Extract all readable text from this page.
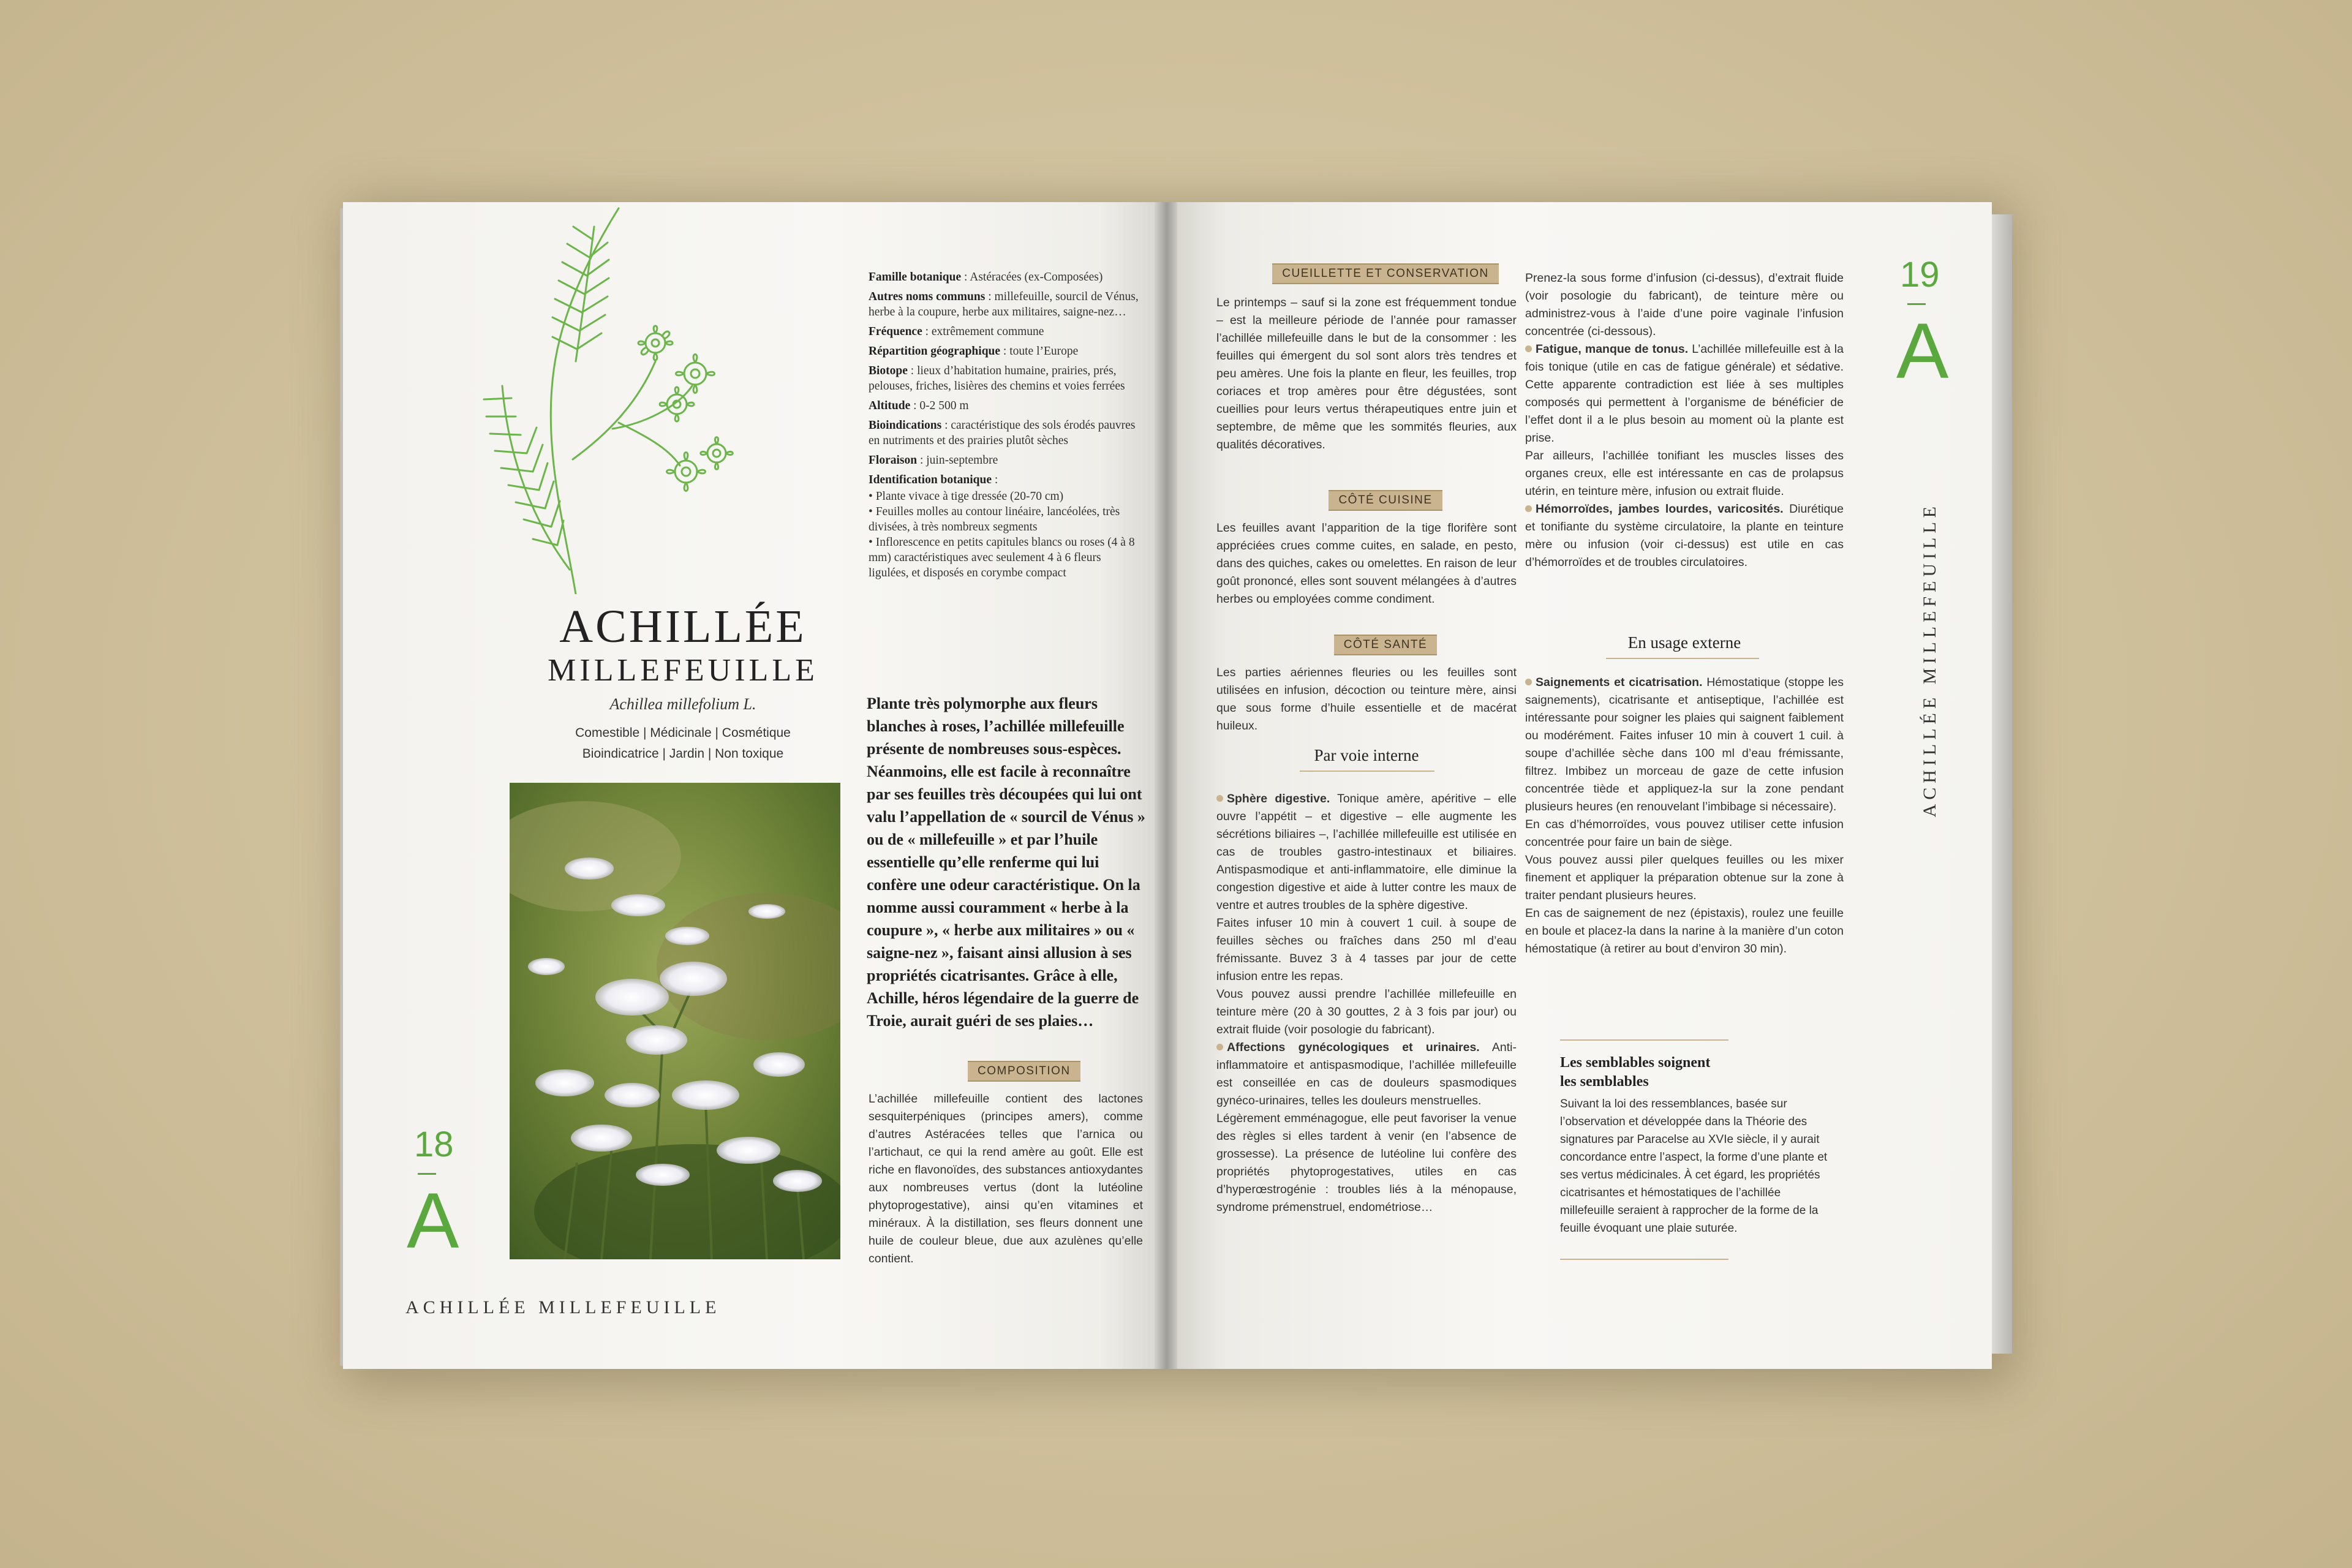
ACHILLÉE
MILLEFEUILLE
Achillea millefolium L.
Comestible | Médicinale | Cosmétique
Bioindicatrice | Jardin | Non toxique
18
A
ACHILLÉE MILLEFEUILLE

Famille botanique : Astéracées (ex-Composées)

Autres noms communs : millefeuille, sourcil de Vénus, herbe à la coupure, herbe aux militaires, saigne-nez…

Fréquence : extrêmement commune

Répartition géographique : toute l’Europe

Biotope : lieux d’habitation humaine, prairies, prés, pelouses, friches, lisières des chemins et voies ferrées

Altitude : 0-2 500 m

Bioindications : caractéristique des sols érodés pauvres en nutriments et des prairies plutôt sèches

Floraison : juin-septembre

Identification botanique :

• Plante vivace à tige dressée (20-70 cm)

• Feuilles molles au contour linéaire, lancéolées, très divisées, à très nombreux segments

• Inflorescence en petits capitules blancs ou roses (4 à 8 mm) caractéristiques avec seulement 4 à 6 fleurs ligulées, et disposés en corymbe compact

Plante très polymorphe aux fleurs blanches à roses, l’achillée millefeuille présente de nombreuses sous-espèces. Néanmoins, elle est facile à reconnaître par ses feuilles très découpées qui lui ont valu l’appellation de « sourcil de Vénus » ou de « millefeuille » et par l’huile essentielle qu’elle renferme qui lui confère une odeur caractéristique. On la nomme aussi couramment « herbe à la coupure », « herbe aux militaires » ou « saigne-nez », faisant ainsi allusion à ses propriétés cicatrisantes. Grâce à elle, Achille, héros légendaire de la guerre de Troie, aurait guéri de ses plaies…
COMPOSITION
L’achillée millefeuille contient des lactones sesquiterpéniques (principes amers), comme d’autres Astéracées telles que l’arnica ou l’artichaut, ce qui la rend amère au goût. Elle est riche en flavonoïdes, des substances antioxydantes aux nombreuses vertus (dont la lutéoline phytoprogestative), ainsi qu’en vitamines et minéraux. À la distillation, ses fleurs donnent une huile de couleur bleue, due aux azulènes qu’elle contient.
CUEILLETTE ET CONSERVATION
Le printemps – sauf si la zone est fréquemment tondue – est la meilleure période de l’année pour ramasser l’achillée millefeuille dans le but de la consommer : les feuilles qui émergent du sol sont alors très tendres et peu amères. Une fois la plante en fleur, les feuilles, trop coriaces et trop amères pour être dégustées, sont cueillies pour leurs vertus thérapeutiques entre juin et septembre, de même que les sommités fleuries, aux qualités décoratives.
CÔTÉ CUISINE
Les feuilles avant l’apparition de la tige florifère sont appréciées crues comme cuites, en salade, en pesto, dans des quiches, cakes ou omelettes. En raison de leur goût prononcé, elles sont souvent mélangées à d’autres herbes ou employées comme condiment.
CÔTÉ SANTÉ
Les parties aériennes fleuries ou les feuilles sont utilisées en infusion, décoction ou teinture mère, ainsi que sous forme d’huile essentielle et de macérat huileux.
Par voie interne

Sphère digestive. Tonique amère, apéritive – elle ouvre l’appétit – et digestive – elle augmente les sécrétions biliaires –, l’achillée millefeuille est utilisée en cas de troubles gastro-intestinaux et biliaires. Antispasmodique et anti-inflammatoire, elle diminue la congestion digestive et aide à lutter contre les maux de ventre et autres troubles de la sphère digestive.

Faites infuser 10 min à couvert 1 cuil. à soupe de feuilles sèches ou fraîches dans 250 ml d’eau frémissante. Buvez 3 à 4 tasses par jour de cette infusion entre les repas.

Vous pouvez aussi prendre l’achillée millefeuille en teinture mère (20 à 30 gouttes, 2 à 3 fois par jour) ou extrait fluide (voir posologie du fabricant).

Affections gynécologiques et urinaires. Anti-inflammatoire et antispasmodique, l’achillée millefeuille est conseillée en cas de douleurs spasmodiques gynéco-urinaires, telles les douleurs menstruelles.

Légèrement emménagogue, elle peut favoriser la venue des règles si elles tardent à venir (en l’absence de grossesse). La présence de lutéoline lui confère des propriétés phytoprogestatives, utiles en cas d’hyperœstrogénie : troubles liés à la ménopause, syndrome prémenstruel, endométriose…

Prenez-la sous forme d’infusion (ci-dessus), d’extrait fluide (voir posologie du fabricant), de teinture mère ou administrez-vous à l’aide d’une poire vaginale l’infusion concentrée (ci-dessous).

Fatigue, manque de tonus. L’achillée millefeuille est à la fois tonique (utile en cas de fatigue générale) et sédative. Cette apparente contradiction est liée à ses multiples composés qui permettent à l’organisme de bénéficier de l’effet dont il a le plus besoin au moment où la plante est prise.

Par ailleurs, l’achillée tonifiant les muscles lisses des organes creux, elle est intéressante en cas de prolapsus utérin, en teinture mère, infusion ou extrait fluide.

Hémorroïdes, jambes lourdes, varicosités. Diurétique et tonifiante du système circulatoire, la plante en teinture mère ou infusion (voir ci-dessus) est utile en cas d’hémorroïdes et de troubles circulatoires.

En usage externe

Saignements et cicatrisation. Hémostatique (stoppe les saignements), cicatrisante et antiseptique, l’achillée est intéressante pour soigner les plaies qui saignent faiblement ou modérément. Faites infuser 10 min à couvert 1 cuil. à soupe d’achillée sèche dans 100 ml d’eau frémissante, filtrez. Imbibez un morceau de gaze de cette infusion concentrée tiède et appliquez-la sur la zone pendant plusieurs heures (en renouvelant l’imbibage si nécessaire).

En cas d’hémorroïdes, vous pouvez utiliser cette infusion concentrée pour faire un bain de siège.

Vous pouvez aussi piler quelques feuilles ou les mixer finement et appliquer la préparation obtenue sur la zone à traiter pendant plusieurs heures.

En cas de saignement de nez (épistaxis), roulez une feuille en boule et placez-la dans la narine à la manière d’un coton hémostatique (à retirer au bout d’environ 30 min).

Les semblables soignent
les semblables
Suivant la loi des ressemblances, basée sur l’observation et développée dans la Théorie des signatures par Paracelse au XVIe siècle, il y aurait concordance entre l’aspect, la forme d’une plante et ses vertus médicinales. À cet égard, les propriétés cicatrisantes et hémostatiques de l’achillée millefeuille seraient à rapprocher de la forme de la feuille évoquant une plaie suturée.
19
A
ACHILLÉE MILLEFEUILLE
